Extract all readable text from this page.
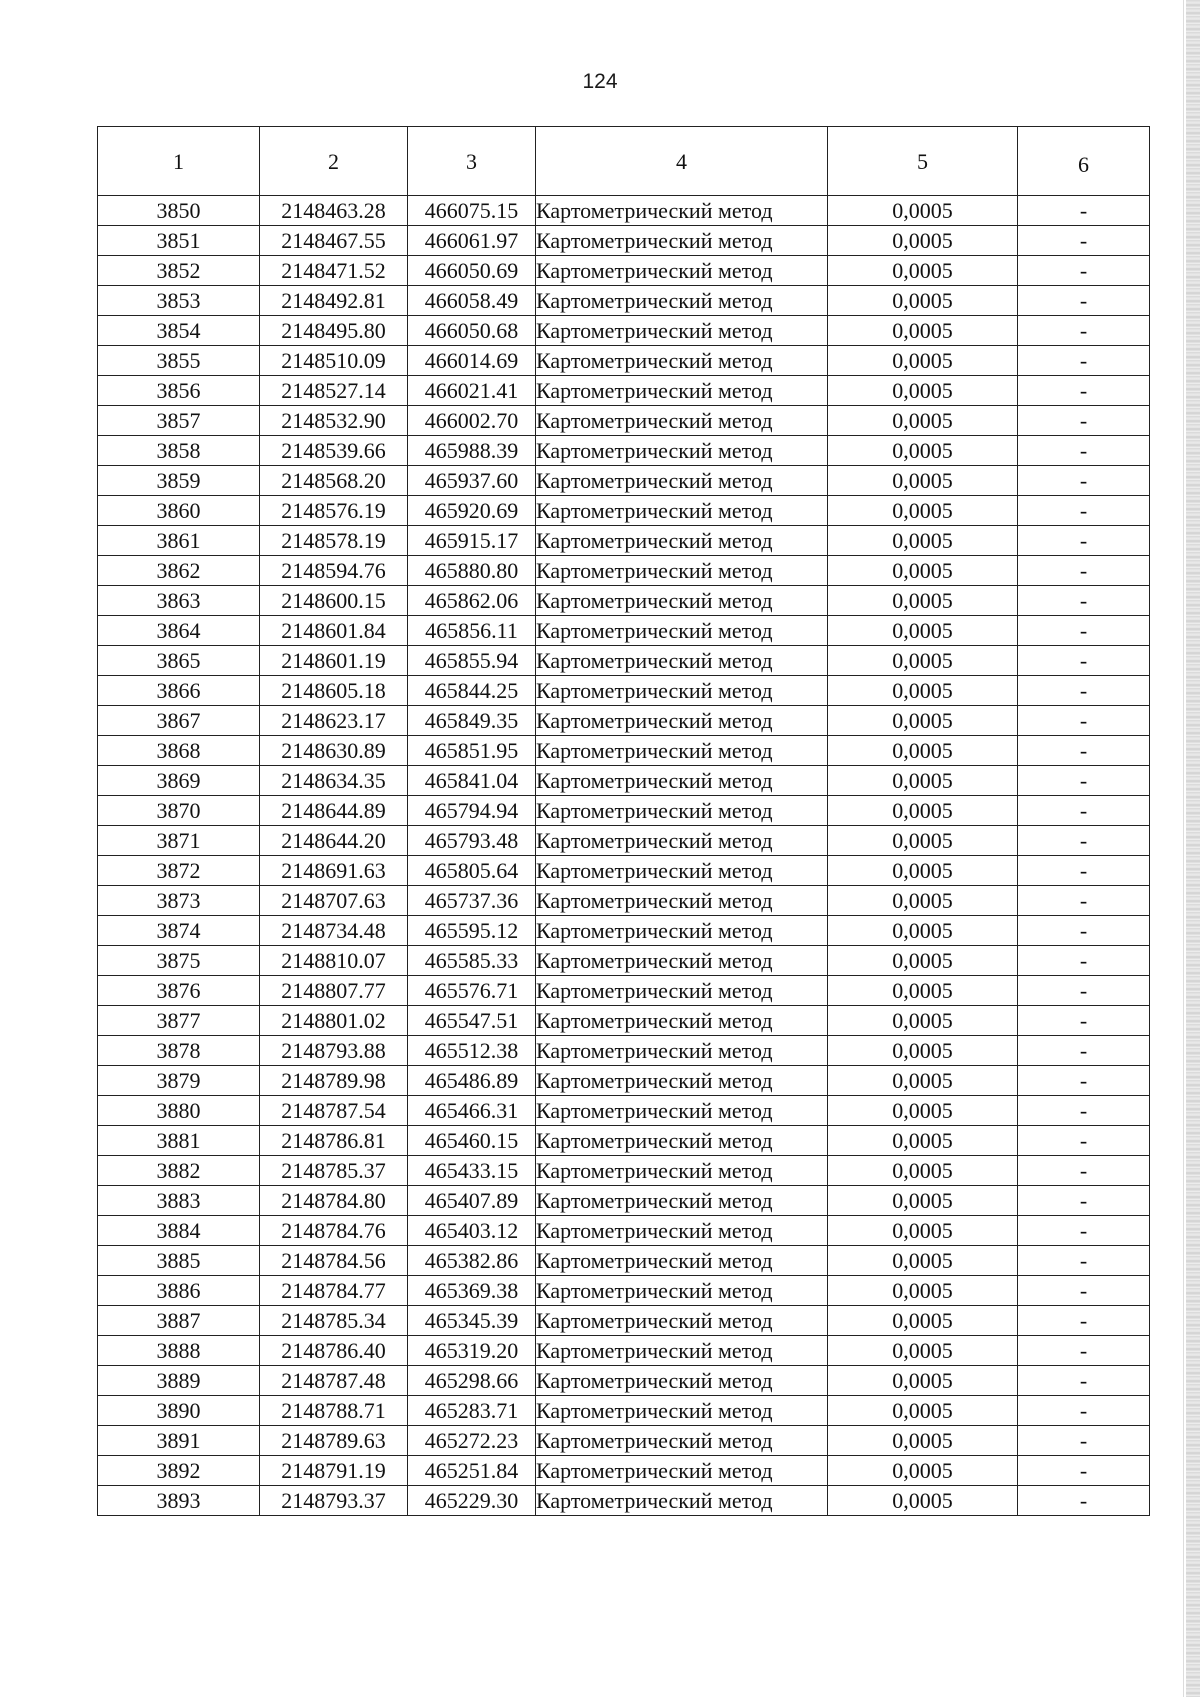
124
1	2	3	4	5	6
3850	2148463.28	466075.15	Картометрический метод	0,0005	-
3851	2148467.55	466061.97	Картометрический метод	0,0005	-
3852	2148471.52	466050.69	Картометрический метод	0,0005	-
3853	2148492.81	466058.49	Картометрический метод	0,0005	-
3854	2148495.80	466050.68	Картометрический метод	0,0005	-
3855	2148510.09	466014.69	Картометрический метод	0,0005	-
3856	2148527.14	466021.41	Картометрический метод	0,0005	-
3857	2148532.90	466002.70	Картометрический метод	0,0005	-
3858	2148539.66	465988.39	Картометрический метод	0,0005	-
3859	2148568.20	465937.60	Картометрический метод	0,0005	-
3860	2148576.19	465920.69	Картометрический метод	0,0005	-
3861	2148578.19	465915.17	Картометрический метод	0,0005	-
3862	2148594.76	465880.80	Картометрический метод	0,0005	-
3863	2148600.15	465862.06	Картометрический метод	0,0005	-
3864	2148601.84	465856.11	Картометрический метод	0,0005	-
3865	2148601.19	465855.94	Картометрический метод	0,0005	-
3866	2148605.18	465844.25	Картометрический метод	0,0005	-
3867	2148623.17	465849.35	Картометрический метод	0,0005	-
3868	2148630.89	465851.95	Картометрический метод	0,0005	-
3869	2148634.35	465841.04	Картометрический метод	0,0005	-
3870	2148644.89	465794.94	Картометрический метод	0,0005	-
3871	2148644.20	465793.48	Картометрический метод	0,0005	-
3872	2148691.63	465805.64	Картометрический метод	0,0005	-
3873	2148707.63	465737.36	Картометрический метод	0,0005	-
3874	2148734.48	465595.12	Картометрический метод	0,0005	-
3875	2148810.07	465585.33	Картометрический метод	0,0005	-
3876	2148807.77	465576.71	Картометрический метод	0,0005	-
3877	2148801.02	465547.51	Картометрический метод	0,0005	-
3878	2148793.88	465512.38	Картометрический метод	0,0005	-
3879	2148789.98	465486.89	Картометрический метод	0,0005	-
3880	2148787.54	465466.31	Картометрический метод	0,0005	-
3881	2148786.81	465460.15	Картометрический метод	0,0005	-
3882	2148785.37	465433.15	Картометрический метод	0,0005	-
3883	2148784.80	465407.89	Картометрический метод	0,0005	-
3884	2148784.76	465403.12	Картометрический метод	0,0005	-
3885	2148784.56	465382.86	Картометрический метод	0,0005	-
3886	2148784.77	465369.38	Картометрический метод	0,0005	-
3887	2148785.34	465345.39	Картометрический метод	0,0005	-
3888	2148786.40	465319.20	Картометрический метод	0,0005	-
3889	2148787.48	465298.66	Картометрический метод	0,0005	-
3890	2148788.71	465283.71	Картометрический метод	0,0005	-
3891	2148789.63	465272.23	Картометрический метод	0,0005	-
3892	2148791.19	465251.84	Картометрический метод	0,0005	-
3893	2148793.37	465229.30	Картометрический метод	0,0005	-
